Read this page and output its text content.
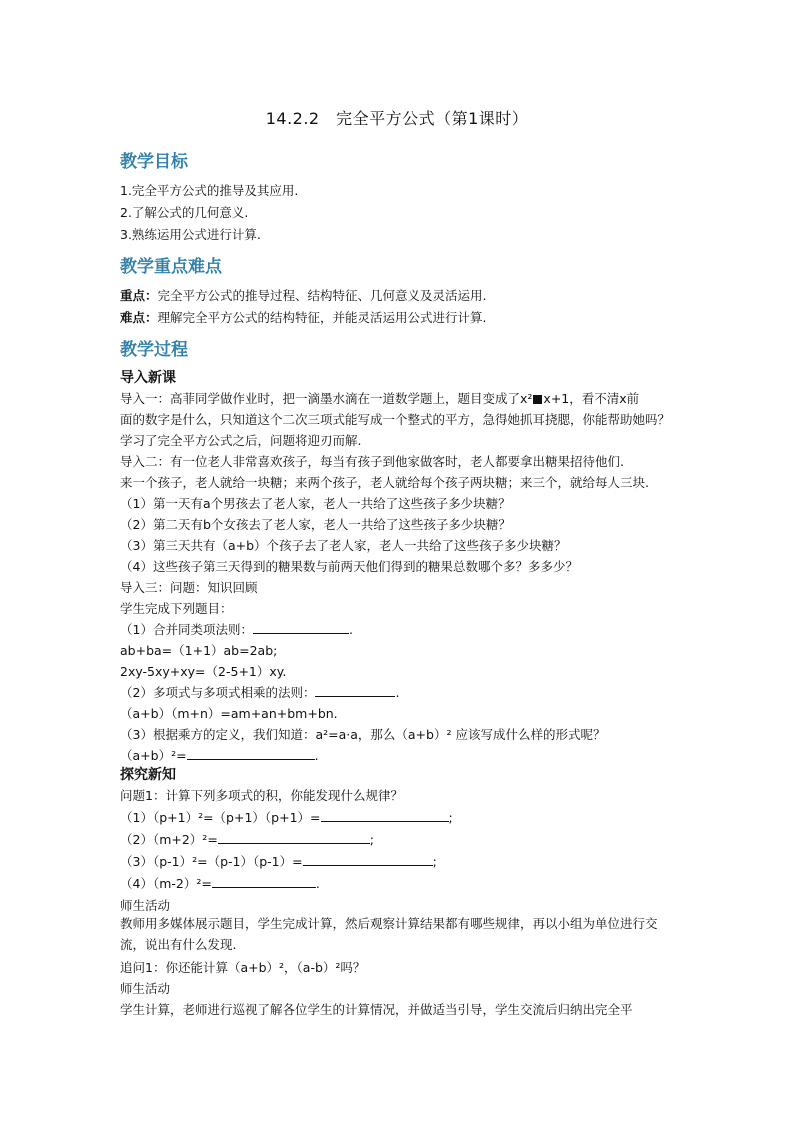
14.2.2　完全平方公式（第1课时）
教学目标
1.完全平方公式的推导及其应用.
2.了解公式的几何意义.
3.熟练运用公式进行计算.
教学重点难点
重点：完全平方公式的推导过程、结构特征、几何意义及灵活运用.
难点：理解完全平方公式的结构特征，并能灵活运用公式进行计算.
教学过程
导入新课
导入一：高菲同学做作业时，把一滴墨水滴在一道数学题上，题目变成了x² x+1，看不清x前
面的数字是什么，只知道这个二次三项式能写成一个整式的平方，急得她抓耳挠腮，你能帮助她吗？
学习了完全平方公式之后，问题将迎刃而解.
导入二：有一位老人非常喜欢孩子，每当有孩子到他家做客时，老人都要拿出糖果招待他们.
来一个孩子，老人就给一块糖；来两个孩子，老人就给每个孩子两块糖；来三个，就给每人三块.
（1）第一天有a个男孩去了老人家，老人一共给了这些孩子多少块糖？
（2）第二天有b个女孩去了老人家，老人一共给了这些孩子多少块糖？
（3）第三天共有（a+b）个孩子去了老人家，老人一共给了这些孩子多少块糖？
（4）这些孩子第三天得到的糖果数与前两天他们得到的糖果总数哪个多？多多少？
导入三：问题：知识回顾
学生完成下列题目：
（1）合并同类项法则：	.
ab+ba=（1+1）ab=2ab;
2xy-5xy+xy=（2-5+1）xy.
（2）多项式与多项式相乘的法则：	.
（a+b）（m+n）=am+an+bm+bn.
（3）根据乘方的定义，我们知道：a²=a·a，那么（a+b）² 应该写成什么样的形式呢？
（a+b）²=	.
探究新知
问题1：计算下列多项式的积，你能发现什么规律？
（1）（p+1）²=（p+1）（p+1）=	;
（2）（m+2）²=	;
（3）（p-1）²=（p-1）（p-1）=	;
（4）（m-2）²=	.
师生活动
教师用多媒体展示题目，学生完成计算，然后观察计算结果都有哪些规律，再以小组为单位进行交流，说出有什么发现.
追问1：你还能计算（a+b）²，（a-b）²吗？
师生活动
学生计算，老师进行巡视了解各位学生的计算情况，并做适当引导，学生交流后归纳出完全平
